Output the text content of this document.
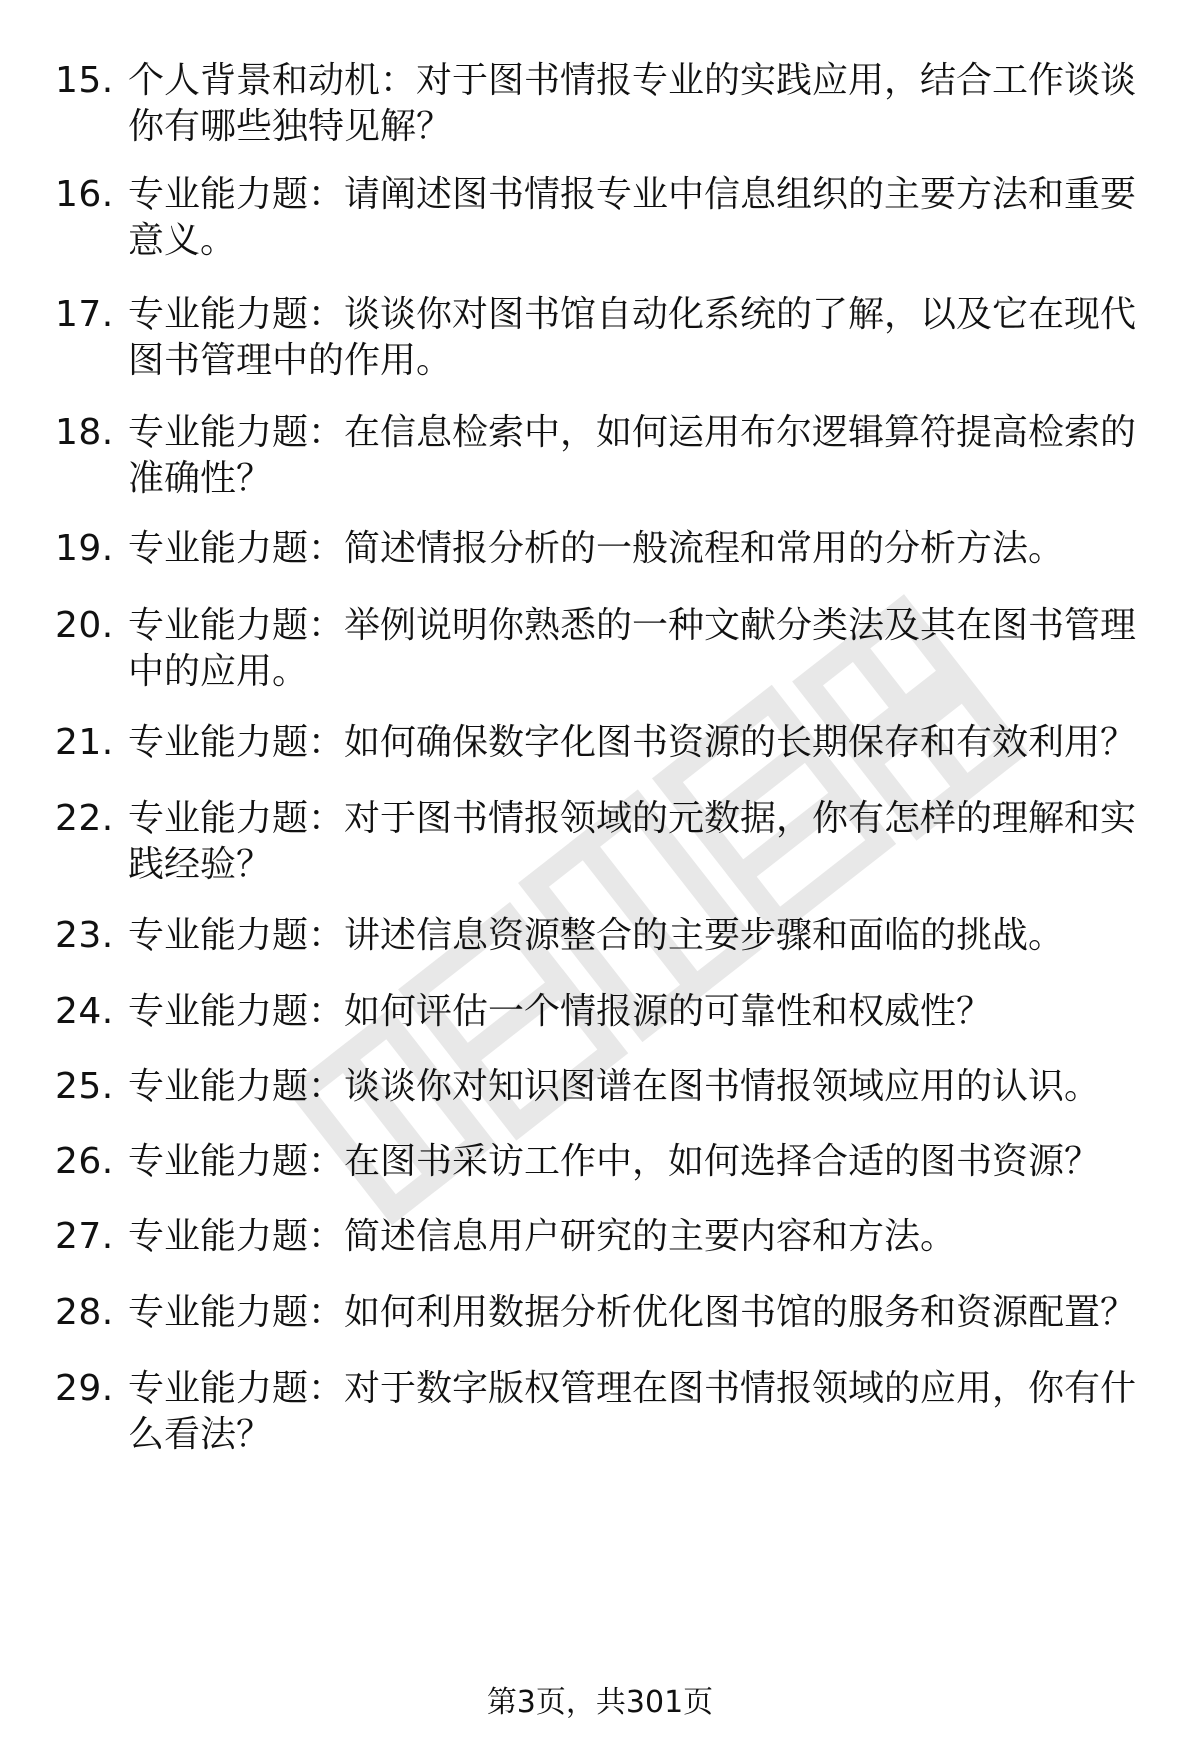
15. 个人背景和动机：对于图书情报专业的实践应用，结合工作谈谈你有哪些独特见解？
16. 专业能力题：请阐述图书情报专业中信息组织的主要方法和重要意义。
17. 专业能力题：谈谈你对图书馆自动化系统的了解，以及它在现代图书管理中的作用。
18. 专业能力题：在信息检索中，如何运用布尔逻辑算符提高检索的准确性？
19. 专业能力题：简述情报分析的一般流程和常用的分析方法。
20. 专业能力题：举例说明你熟悉的一种文献分类法及其在图书管理中的应用。
21. 专业能力题：如何确保数字化图书资源的长期保存和有效利用？
22. 专业能力题：对于图书情报领域的元数据，你有怎样的理解和实践经验？
23. 专业能力题：讲述信息资源整合的主要步骤和面临的挑战。
24. 专业能力题：如何评估一个情报源的可靠性和权威性？
25. 专业能力题：谈谈你对知识图谱在图书情报领域应用的认识。
26. 专业能力题：在图书采访工作中，如何选择合适的图书资源？
27. 专业能力题：简述信息用户研究的主要内容和方法。
28. 专业能力题：如何利用数据分析优化图书馆的服务和资源配置？
29. 专业能力题：对于数字版权管理在图书情报领域的应用，你有什么看法？
第3页，共301页
